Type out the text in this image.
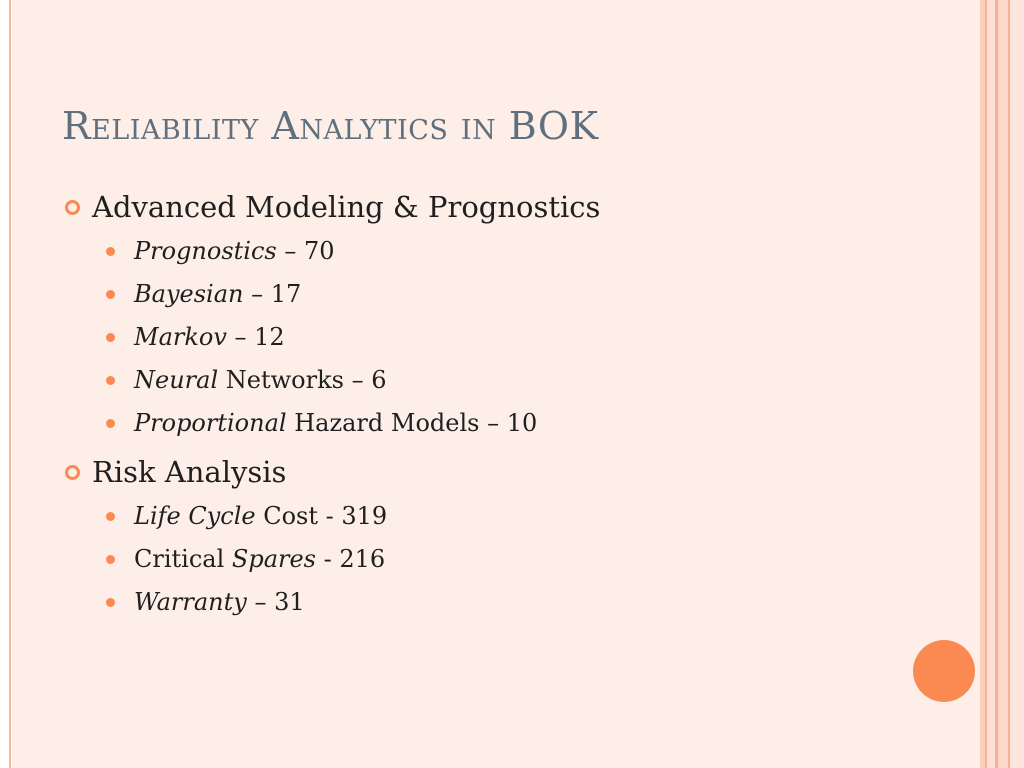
Reliability Analytics in BOK
Advanced Modeling & Prognostics
Prognostics – 70
Bayesian – 17
Markov – 12
Neural Networks – 6
Proportional Hazard Models – 10
Risk Analysis
Life Cycle Cost - 319
Critical Spares - 216
Warranty – 31
